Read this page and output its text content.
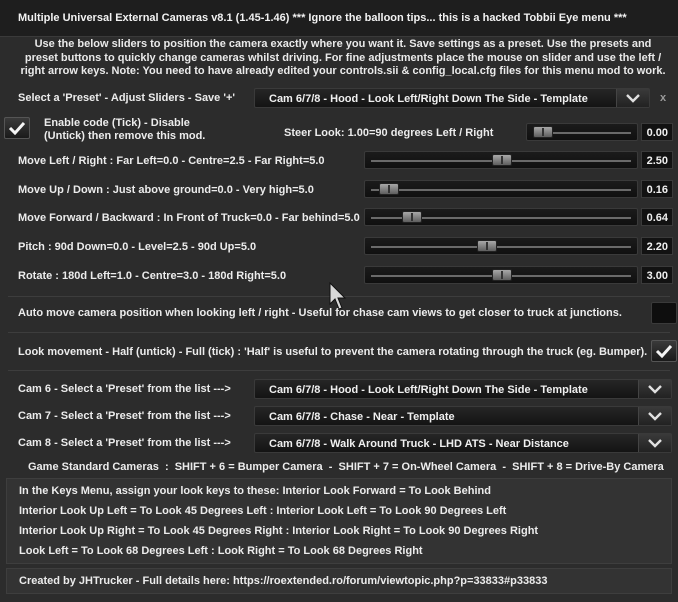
Multiple Universal External Cameras v8.1 (1.45-1.46) *** Ignore the balloon tips... this is a hacked Tobbii Eye menu ***
Use the below sliders to position the camera exactly where you want it. Save settings as a preset. Use the presets and preset buttons to quickly change cameras whilst driving. For fine adjustments place the mouse on slider and use the left / right arrow keys. Note: You need to have already edited your controls.sii & config_local.cfg files for this menu mod to work.
Select a 'Preset' - Adjust Sliders - Save '+'	Cam 6/7/8 - Hood - Look Left/Right Down The Side - Template	x
Enable code (Tick) - Disable
(Untick) then remove this mod.	Steer Look: 1.00=90 degrees Left / Right	0.00
Move Left / Right : Far Left=0.0 - Centre=2.5 - Far Right=5.0	2.50
Move Up / Down : Just above ground=0.0 - Very high=5.0	0.16
Move Forward / Backward : In Front of Truck=0.0 - Far behind=5.0	0.64
Pitch : 90d Down=0.0 - Level=2.5 - 90d Up=5.0	2.20
Rotate : 180d Left=1.0 - Centre=3.0 - 180d Right=5.0	3.00
Auto move camera position when looking left / right - Useful for chase cam views to get closer to truck at junctions.
Look movement - Half (untick) - Full (tick) : 'Half' is useful to prevent the camera rotating through the truck (eg. Bumper).
Cam 6 - Select a 'Preset' from the list --->	Cam 6/7/8 - Hood - Look Left/Right Down The Side - Template
Cam 7 - Select a 'Preset' from the list --->	Cam 6/7/8 - Chase - Near - Template
Cam 8 - Select a 'Preset' from the list --->	Cam 6/7/8 - Walk Around Truck - LHD ATS - Near Distance
Game Standard Cameras  :  SHIFT + 6 = Bumper Camera  -  SHIFT + 7 = On-Wheel Camera  -  SHIFT + 8 = Drive-By Camera
In the Keys Menu, assign your look keys to these: Interior Look Forward = To Look Behind
Interior Look Up Left = To Look 45 Degrees Left : Interior Look Left = To Look 90 Degrees Left
Interior Look Up Right = To Look 45 Degrees Right : Interior Look Right = To Look 90 Degrees Right
Look Left = To Look 68 Degrees Left : Look Right = To Look 68 Degrees Right
Created by JHTrucker - Full details here: https://roextended.ro/forum/viewtopic.php?p=33833#p33833
